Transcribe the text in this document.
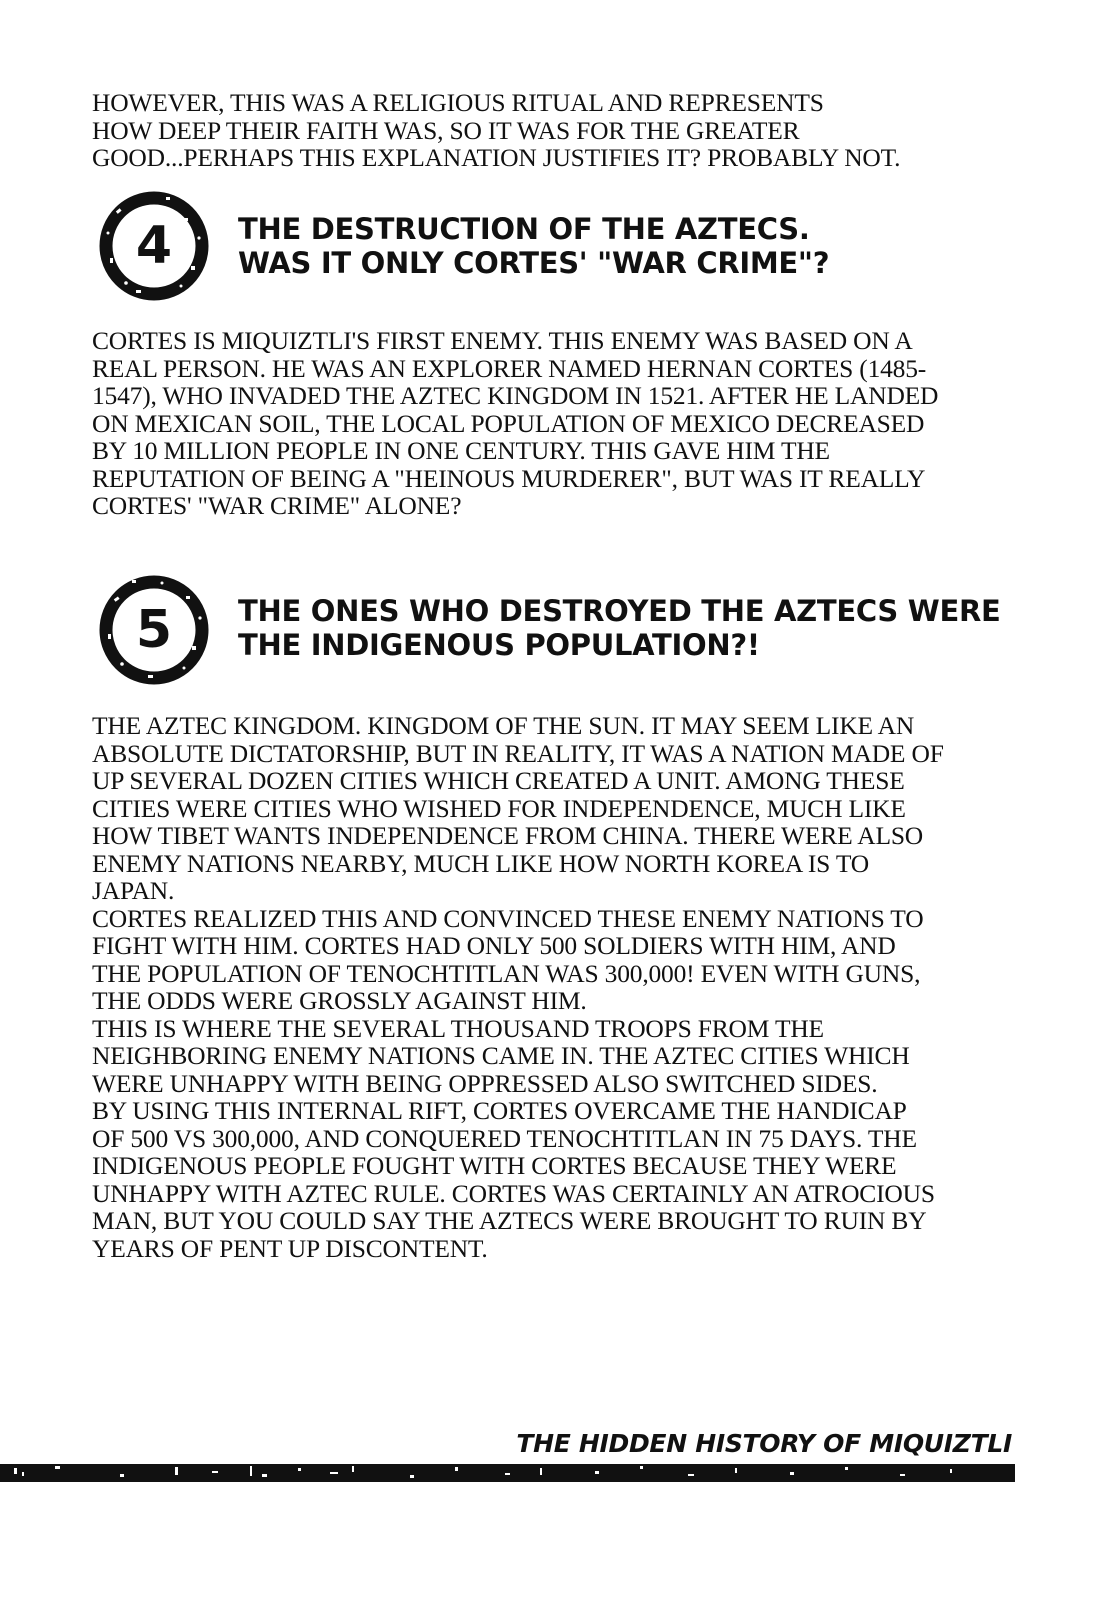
HOWEVER, THIS WAS A RELIGIOUS RITUAL AND REPRESENTS
HOW DEEP THEIR FAITH WAS, SO IT WAS FOR THE GREATER
GOOD...PERHAPS THIS EXPLANATION JUSTIFIES IT? PROBABLY NOT.
4 THE DESTRUCTION OF THE AZTECS.
WAS IT ONLY CORTES' "WAR CRIME"?
CORTES IS MIQUIZTLI'S FIRST ENEMY. THIS ENEMY WAS BASED ON A
REAL PERSON. HE WAS AN EXPLORER NAMED HERNAN CORTES (1485-
1547), WHO INVADED THE AZTEC KINGDOM IN 1521. AFTER HE LANDED
ON MEXICAN SOIL, THE LOCAL POPULATION OF MEXICO DECREASED
BY 10 MILLION PEOPLE IN ONE CENTURY. THIS GAVE HIM THE
REPUTATION OF BEING A "HEINOUS MURDERER", BUT WAS IT REALLY
CORTES' "WAR CRIME" ALONE?
5 THE ONES WHO DESTROYED THE AZTECS WERE
THE INDIGENOUS POPULATION?!
THE AZTEC KINGDOM. KINGDOM OF THE SUN. IT MAY SEEM LIKE AN
ABSOLUTE DICTATORSHIP, BUT IN REALITY, IT WAS A NATION MADE OF
UP SEVERAL DOZEN CITIES WHICH CREATED A UNIT. AMONG THESE
CITIES WERE CITIES WHO WISHED FOR INDEPENDENCE, MUCH LIKE
HOW TIBET WANTS INDEPENDENCE FROM CHINA. THERE WERE ALSO
ENEMY NATIONS NEARBY, MUCH LIKE HOW NORTH KOREA IS TO
JAPAN.
CORTES REALIZED THIS AND CONVINCED THESE ENEMY NATIONS TO
FIGHT WITH HIM. CORTES HAD ONLY 500 SOLDIERS WITH HIM, AND
THE POPULATION OF TENOCHTITLAN WAS 300,000! EVEN WITH GUNS,
THE ODDS WERE GROSSLY AGAINST HIM.
THIS IS WHERE THE SEVERAL THOUSAND TROOPS FROM THE
NEIGHBORING ENEMY NATIONS CAME IN. THE AZTEC CITIES WHICH
WERE UNHAPPY WITH BEING OPPRESSED ALSO SWITCHED SIDES.
BY USING THIS INTERNAL RIFT, CORTES OVERCAME THE HANDICAP
OF 500 VS 300,000, AND CONQUERED TENOCHTITLAN IN 75 DAYS. THE
INDIGENOUS PEOPLE FOUGHT WITH CORTES BECAUSE THEY WERE
UNHAPPY WITH AZTEC RULE. CORTES WAS CERTAINLY AN ATROCIOUS
MAN, BUT YOU COULD SAY THE AZTECS WERE BROUGHT TO RUIN BY
YEARS OF PENT UP DISCONTENT.
THE HIDDEN HISTORY OF MIQUIZTLI
